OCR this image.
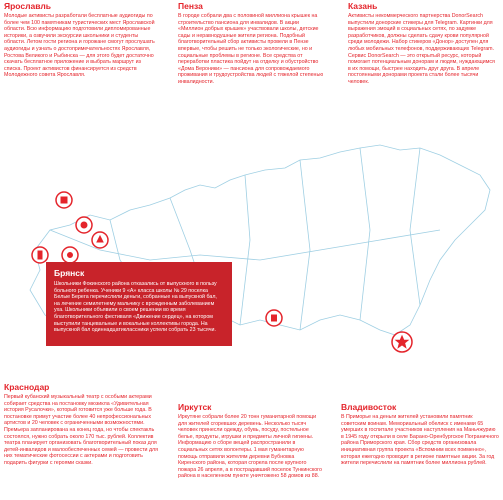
Ярославль

Молодые активисты разработали бесплатные аудиогиды по более чем 100 памятникам туристических мест Ярославской области. Всю информацию подготовили дипломированные историки, а озвучили экскурсии школьники и студенты области. Летом гости региона и горожане смогут прослушать аудиогиды и узнать о достопримечательностях Ярославля, Ростова Великого и Рыбинска — для этого будет достаточно скачать бесплатное приложение и выбрать маршрут из списка. Проект активистов финансируется из средств Молодежного совета Ярославля.

Пенза

В городе собрали два с половиной миллиона крышек на строительство пансиона для инвалидов. В акции «Миллион добрых крышек» участвовали школы, детские сады и неравнодушные жители региона. Подобный благотворительный сбор активисты провели в Пензе впервые, чтобы решить не только экологические, но и социальные проблемы в регионе. Все средства от переработки пластика пойдут на отделку и обустройство «Дома Вероники» — пансиона для сопровождаемого проживания и трудоустройства людей с тяжелой степенью инвалидности.

Казань

Активисты некоммерческого партнерства DonorSearch выпустили донорские стикеры для Telegram. Картинки для выражения эмоций в социальных сетях, по задумке разработчиков, должны сделать сдачу крови популярной среди молодежи. Набор стикеров «Донор» доступен для любых мобильных телефонов, поддерживающих Telegram. Сервис DonorSearch — это открытый ресурс, который помогает потенциальным донорам и людям, нуждающимся в их помощи, быстрее находить друг друга. В апреле постоянными донорами проекта стали более тысячи человек.

Брянск

Школьники Фокинского района отказались от выпускного в пользу больного ребенка. Ученики 9 «А» класса школы № 29 поселка Белые Берега перечислили деньги, собранные на выпускной бал, на лечение семилетнему мальчику с врожденным заболеванием уха. Школьники объявили о своем решении во время благотворительного фестиваля «Движение сердец», на котором выступили танцевальные и вокальные коллективы города. На выпускной бал одиннадцатиклассники успели собрать 23 тысячи.

Краснодар

Первый кубанский музыкальный театр с особыми актерами собирает средства на постановку мюзикла «Удивительная история Русалочки», который готовится уже больше года. В постановке примут участие более 40 непрофессиональных артистов и 20 человек с ограниченными возможностями. Премьера запланирована на конец года, но чтобы спектакль состоялся, нужно собрать около 170 тыс. рублей. Коллектив театра планирует организовать благотворительный показ для детей-инвалидов и малообеспеченных семей — провести для них тематические фотосессии с актерами и подготовить подарить фигурки с героями сказки.

Иркутск

Иркутяне собрали более 20 тонн гуманитарной помощи для жителей сгоревших деревень. Несколько тысяч человек принесли одежду, обувь, посуду, постельное белье, продукты, игрушки и предметы личной гигиены. Информацию о сборе вещей распространили в социальных сетях волонтеры. 1 мая гуманитарную помощь отправили жителям деревни Бубновка Киренского района, которая сгорела после крупного пожара 26 апреля, а в пострадавший поселок Тункинского района в населенном пункте уничтожено 58 домов из 88.

Владивосток

В Приморье на деньги жителей установили памятник советским воинам. Мемориальный обелиск с именами 65 умерших в госпитале участников наступления на Маньчжурию в 1945 году открыли в селе Барано-Оренбургское Пограничного района Приморского края. Сбор средств организовала инициативная группа проекта «Вспомним всех поименно», которая ежегодно проводит в регионе памятные акции. За год жители перечислили на памятник более миллиона рублей.
